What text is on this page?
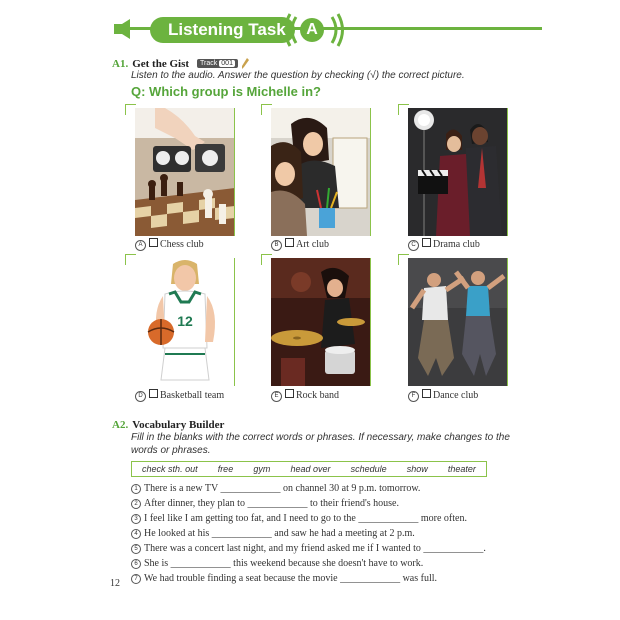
Listening Task	A
A1. Get the Gist Track 001
Listen to the audio. Answer the question by checking (√) the correct picture.
Q: Which group is Michelle in?
A Chess club	B Art club	C Drama club
12
D Basketball team	E Rock band	F Dance club
A2. Vocabulary Builder
Fill in the blanks with the correct words or phrases. If necessary, make changes to the words or phrases.
check sth. out free gym head over schedule show theater
1 There is a new TV ____________ on channel 30 at 9 p.m. tomorrow.
2 After dinner, they plan to ____________ to their friend's house.
3 I feel like I am getting too fat, and I need to go to the ____________ more often.
4 He looked at his ____________ and saw he had a meeting at 2 p.m.
5 There was a concert last night, and my friend asked me if I wanted to ____________.
6 She is ____________ this weekend because she doesn't have to work.
7 We had trouble finding a seat because the movie ____________ was full.
12
